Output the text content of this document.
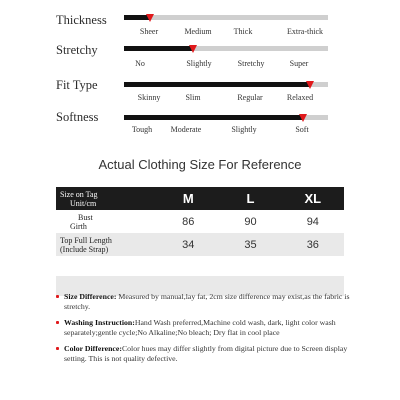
Thickness
Sheer	Medium	Thick	Extra-thick
Stretchy
No	Slightly	Stretchy	Super
Fit Type
Skinny	Slim	Regular	Relaxed
Softness
Tough Moderate	Slightly	Soft
Actual Clothing Size For Reference
Size on Tag
Unit/cm	M	L	XL

Bust
Girth	86	90	94

Top Full Length
(Include Strap)	34	35	36

Size Difference: Measured by manual,lay fat, 2cm size difference may exist,as the fabric is stretchy.
Washing Instruction:Hand Wash preferred,Machine cold wash, dark, light color wash separately;gentle cycle;No Alkaline;No bleach; Dry flat in cool place
Color Difference:Color hues may differ slightly from digital picture due to Screen display setting. This is not quality defective.
